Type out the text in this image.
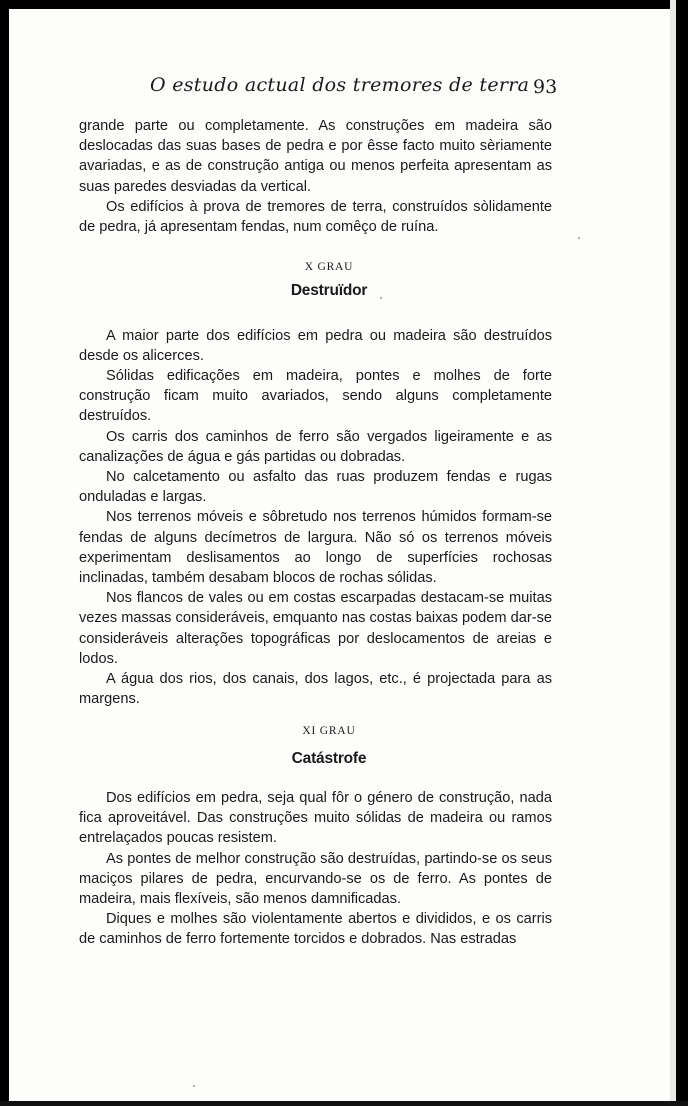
O estudo actual dos tremores de terra 93

grande parte ou completamente. As construções em madeira são deslocadas das suas bases de pedra e por êsse facto muito sèriamente avariadas, e as de construção antiga ou menos perfeita apresentam as suas paredes desviadas da vertical.

Os edifícios à prova de tremores de terra, construídos sòlidamente de pedra, já apresentam fendas, num comêço de ruína.

X GRAU

Destruïdor

A maior parte dos edifícios em pedra ou madeira são destruídos desde os alicerces.

Sólidas edificações em madeira, pontes e molhes de forte construção ficam muito avariados, sendo alguns completamente destruídos.

Os carris dos caminhos de ferro são vergados ligeiramente e as canalizações de água e gás partidas ou dobradas.

No calcetamento ou asfalto das ruas produzem fendas e rugas onduladas e largas.

Nos terrenos móveis e sôbretudo nos terrenos húmidos formam-se fendas de alguns decímetros de largura. Não só os terrenos móveis experimentam deslisamentos ao longo de superfícies rochosas inclinadas, também desabam blocos de rochas sólidas.

Nos flancos de vales ou em costas escarpadas destacam-se muitas vezes massas consideráveis, emquanto nas costas baixas podem dar-se consideráveis alterações topográficas por deslocamentos de areias e lodos.

A água dos rios, dos canais, dos lagos, etc., é projectada para as margens.

XI GRAU

Catástrofe

Dos edifícios em pedra, seja qual fôr o género de construção, nada fica aproveitável. Das construções muito sólidas de madeira ou ramos entrelaçados poucas resistem.

As pontes de melhor construção são destruídas, partindo-se os seus maciços pilares de pedra, encurvando-se os de ferro. As pontes de madeira, mais flexíveis, são menos damnificadas.

Diques e molhes são violentamente abertos e divididos, e os carris de caminhos de ferro fortemente torcidos e dobrados. Nas estradas
